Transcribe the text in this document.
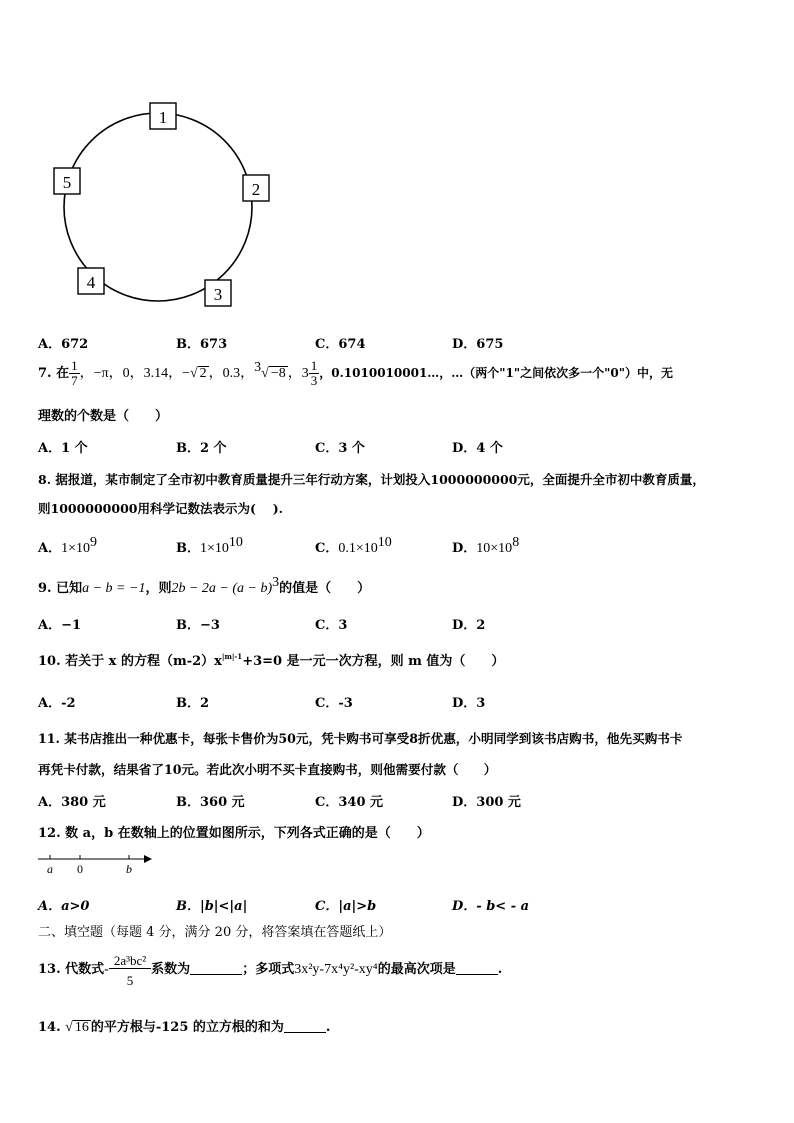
1
2
3
4
5
A．672	B．673	C．674	D．675
7. 在 $\frac{1}{7}$ ，−π，0，3.14，−√ 2 ，0.3，$^3$√ −8 ，$3 \frac{1}{3}$ ，0.1010010001…，…（两个"1"之间依次多一个"0"）中，无
理数的个数是（　　）
A．1 个	B．2 个	C．3 个	D．4 个
8. 据报道，某市制定了全市初中教育质量提升三年行动方案，计划投入1000000000元，全面提升全市初中教育质量，
则1000000000用科学记数法表示为(　 ).
A．$1\times 10^9$	B．$1\times 10^{10}$	C．$0.1\times 10^{10}$	D．$10\times 10^8$
9. 已知a − b = −1，则$2b - 2a - (a - b)^3$的值是（　　）
A．−1	B．−3	C．3	D．2
10. 若关于 x 的方程$(m-2)x^{|m|-1}+3=0$ 是一元一次方程，则 m 值为（　　）
A．-2	B．2	C．-3	D．3
11. 某书店推出一种优惠卡，每张卡售价为50元，凭卡购书可享受8折优惠，小明同学到该书店购书，他先买购书卡
再凭卡付款，结果省了10元。若此次小明不买卡直接购书，则他需要付款（　　）
A．380 元	B．360 元	C．340 元	D．300 元
12. 数 a，b 在数轴上的位置如图所示，下列各式正确的是（　　）
a 0	b
A．a>0	B．|b|<|a|	C．|a|>b	D．- b< - a
二、填空题（每题 4 分，满分 20 分，将答案填在答题纸上）
13. 代数式- $\frac{\text{2a³bc²}}{5}$ 系数为	；多项式3x²y-7x⁴y²-xy⁴的最高次项是	.
14. √ 16 的平方根与-125 的立方根的和为	.
